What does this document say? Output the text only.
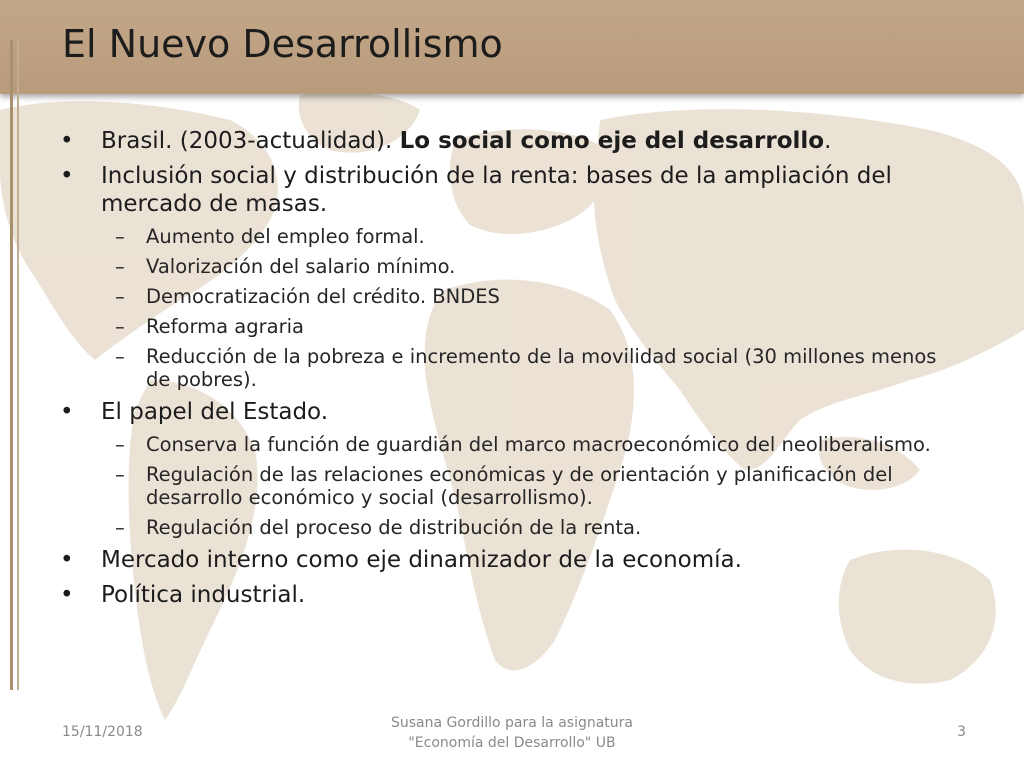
El Nuevo Desarrollismo
• Brasil. (2003-actualidad). Lo social como eje del desarrollo.
• Inclusión social y distribución de la renta: bases de la ampliación del mercado de masas.
– Aumento del empleo formal.
– Valorización del salario mínimo.
– Democratización del crédito. BNDES
– Reforma agraria
– Reducción de la pobreza e incremento de la movilidad social (30 millones menos de pobres).
• El papel del Estado.
– Conserva la función de guardián del marco macroeconómico del neoliberalismo.
– Regulación de las relaciones económicas y de orientación y planificación del desarrollo económico y social (desarrollismo).
– Regulación del proceso de distribución de la renta.
• Mercado interno como eje dinamizador de la economía.
• Política industrial.
15/11/2018
Susana Gordillo para la asignatura
"Economía del Desarrollo" UB
3
